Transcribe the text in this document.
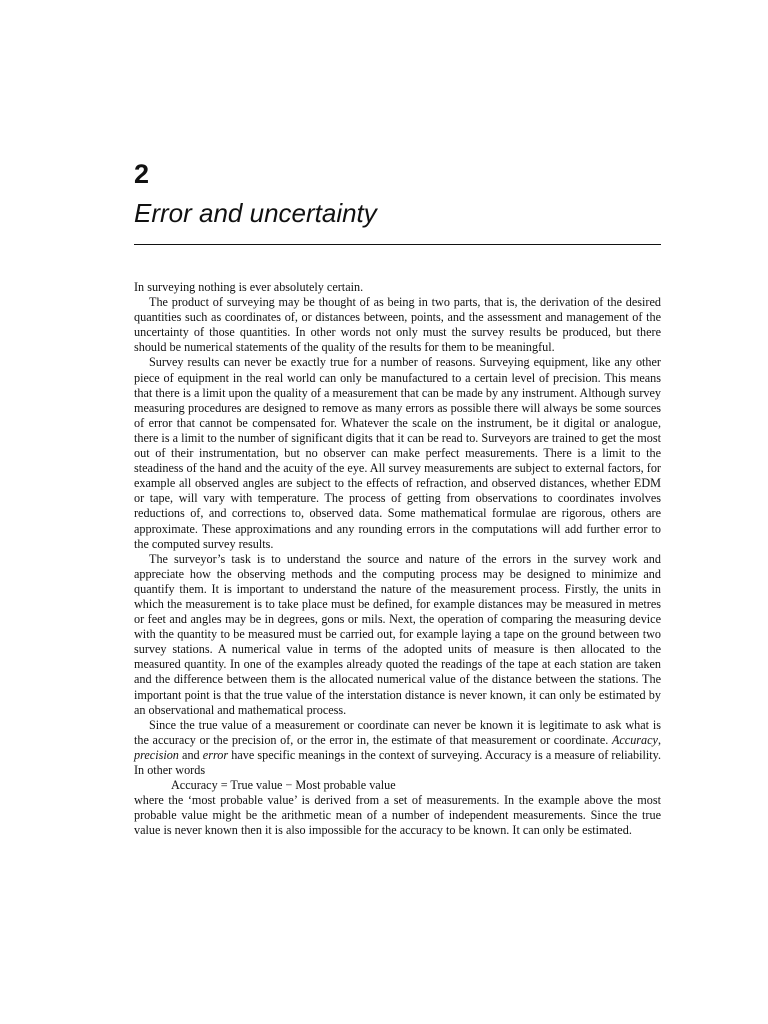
2
Error and uncertainty

In surveying nothing is ever absolutely certain.

The product of surveying may be thought of as being in two parts, that is, the derivation of the desired quantities such as coordinates of, or distances between, points, and the assessment and management of the uncertainty of those quantities. In other words not only must the survey results be produced, but there should be numerical statements of the quality of the results for them to be meaningful.

Survey results can never be exactly true for a number of reasons. Surveying equipment, like any other piece of equipment in the real world can only be manufactured to a certain level of precision. This means that there is a limit upon the quality of a measurement that can be made by any instrument. Although survey measuring procedures are designed to remove as many errors as possible there will always be some sources of error that cannot be compensated for. Whatever the scale on the instrument, be it digital or analogue, there is a limit to the number of significant digits that it can be read to. Surveyors are trained to get the most out of their instrumentation, but no observer can make perfect measurements. There is a limit to the steadiness of the hand and the acuity of the eye. All survey measurements are subject to external factors, for example all observed angles are subject to the effects of refraction, and observed distances, whether EDM or tape, will vary with temperature. The process of getting from observations to coordinates involves reductions of, and corrections to, observed data. Some mathematical formulae are rigorous, others are approximate. These approximations and any rounding errors in the computations will add further error to the computed survey results.

The surveyor’s task is to understand the source and nature of the errors in the survey work and appreciate how the observing methods and the computing process may be designed to minimize and quantify them. It is important to understand the nature of the measurement process. Firstly, the units in which the measurement is to take place must be defined, for example distances may be measured in metres or feet and angles may be in degrees, gons or mils. Next, the operation of comparing the measuring device with the quantity to be measured must be carried out, for example laying a tape on the ground between two survey stations. A numerical value in terms of the adopted units of measure is then allocated to the measured quantity. In one of the examples already quoted the readings of the tape at each station are taken and the difference between them is the allocated numerical value of the distance between the stations. The important point is that the true value of the interstation distance is never known, it can only be estimated by an observational and mathematical process.

Since the true value of a measurement or coordinate can never be known it is legitimate to ask what is the accuracy or the precision of, or the error in, the estimate of that measurement or coordinate. Accuracy, precision and error have specific meanings in the context of surveying. Accuracy is a measure of reliability. In other words

Accuracy = True value − Most probable value

where the ‘most probable value’ is derived from a set of measurements. In the example above the most probable value might be the arithmetic mean of a number of independent measurements. Since the true value is never known then it is also impossible for the accuracy to be known. It can only be estimated.
